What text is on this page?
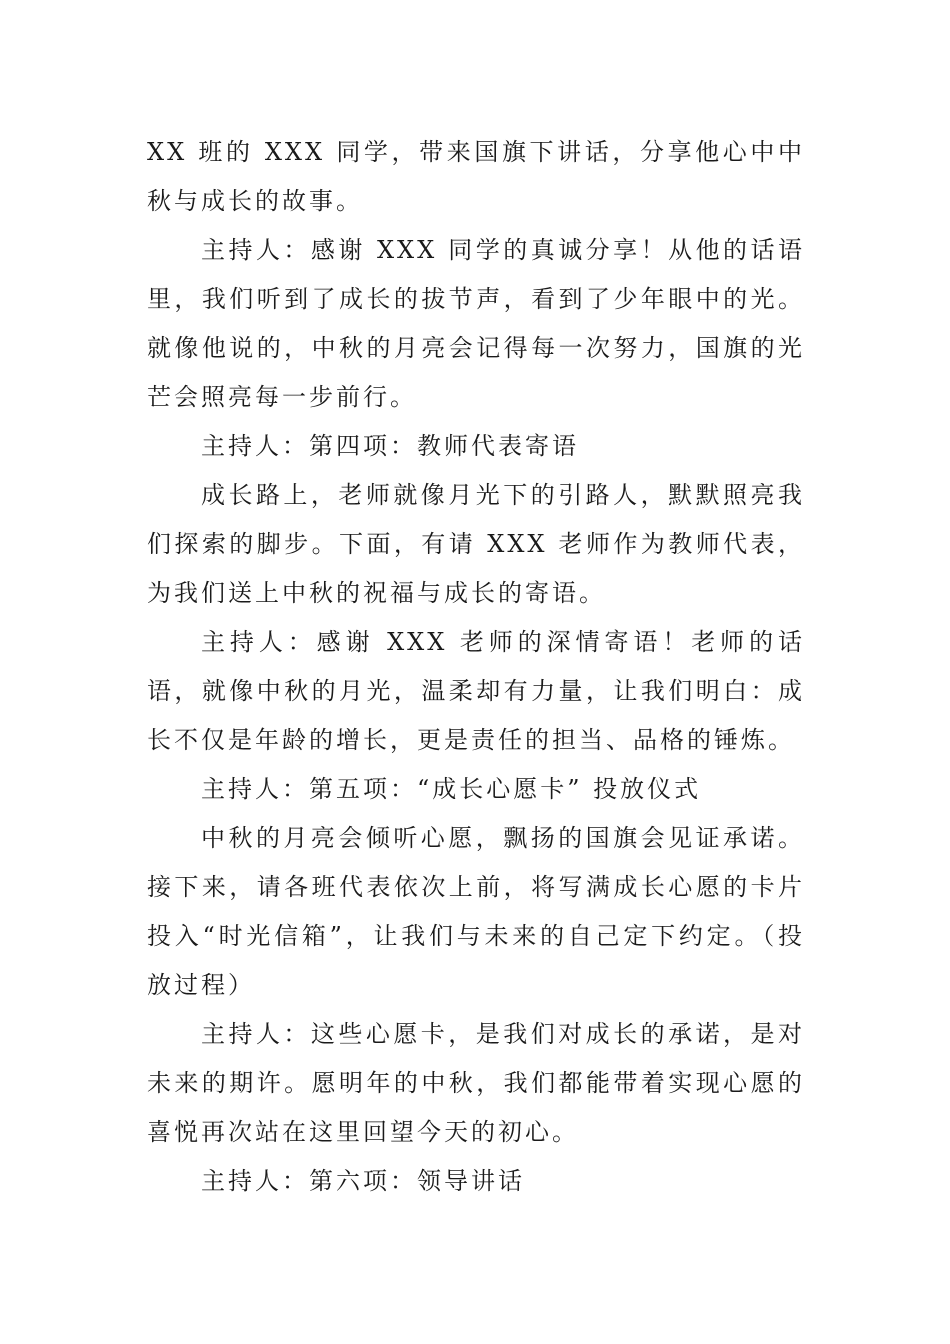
XX 班的 XXX 同学，带来国旗下讲话，分享他心中中秋与成长的故事。

主持人：感谢 XXX 同学的真诚分享！从他的话语里，我们听到了成长的拔节声，看到了少年眼中的光。就像他说的，中秋的月亮会记得每一次努力，国旗的光芒会照亮每一步前行。

主持人：第四项：教师代表寄语

成长路上，老师就像月光下的引路人，默默照亮我们探索的脚步。下面，有请 XXX 老师作为教师代表，为我们送上中秋的祝福与成长的寄语。

主持人：感谢 XXX 老师的深情寄语！老师的话语，就像中秋的月光，温柔却有力量，让我们明白：成长不仅是年龄的增长，更是责任的担当、品格的锤炼。

主持人：第五项：“成长心愿卡” 投放仪式

中秋的月亮会倾听心愿，飘扬的国旗会见证承诺。接下来，请各班代表依次上前，将写满成长心愿的卡片投入“时光信箱”，让我们与未来的自己定下约定。（投放过程）

主持人：这些心愿卡，是我们对成长的承诺，是对未来的期许。愿明年的中秋，我们都能带着实现心愿的喜悦再次站在这里回望今天的初心。

主持人：第六项：领导讲话
